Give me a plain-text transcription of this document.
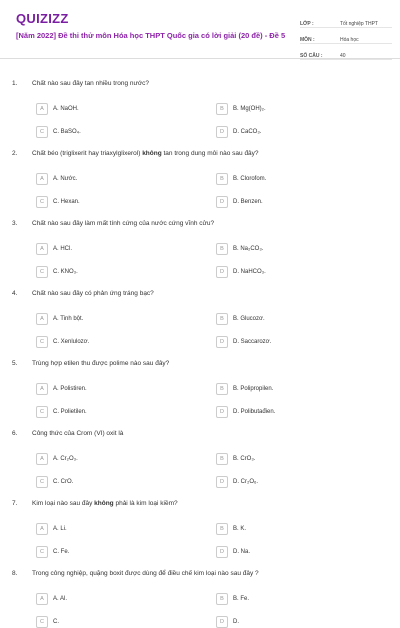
QUIZIZZ
[Năm 2022] Đề thi thử môn Hóa học THPT Quốc gia có lời giải (20 đề) - Đề 5
LỚP :	Tốt nghiệp THPT
MÔN :	Hóa học
SỐ CÂU :	40
1. Chất nào sau đây tan nhiều trong nước?
A	A. NaOH.	B	B. Mg(OH)₂.
C	C. BaSO₄.	D	D. CaCO₃.
2. Chất béo (triglixerit hay triaxylglixerol) không tan trong dung môi nào sau đây?
A	A. Nước.	B	B. Clorofom.
C	C. Hexan.	D	D. Benzen.
3. Chất nào sau đây làm mất tính cứng của nước cứng vĩnh cửu?
A	A. HCl.	B	B. Na₂CO₃.
C	C. KNO₃.	D	D. NaHCO₃.
4. Chất nào sau đây có phản ứng tráng bạc?
A	A. Tinh bột.	B	B. Glucozơ.
C	C. Xenlulozơ.	D	D. Saccarozơ.
5. Trùng hợp etilen thu được polime nào sau đây?
A	A. Polistiren.	B	B. Polipropilen.
C	C. Polietilen.	D	D. Polibutađien.
6. Công thức của Crom (VI) oxit là
A	A. Cr₂O₃.	B	B. CrO₃.
C	C. CrO.	D	D. Cr₂O₆.
7. Kim loại nào sau đây không phải là kim loại kiềm?
A	A. Li.	B	B. K.
C	C. Fe.	D	D. Na.
8. Trong công nghiệp, quặng boxit được dùng để điều chế kim loại nào sau đây ?
A	A. Al.	B	B. Fe.
C	C.	D	D.
